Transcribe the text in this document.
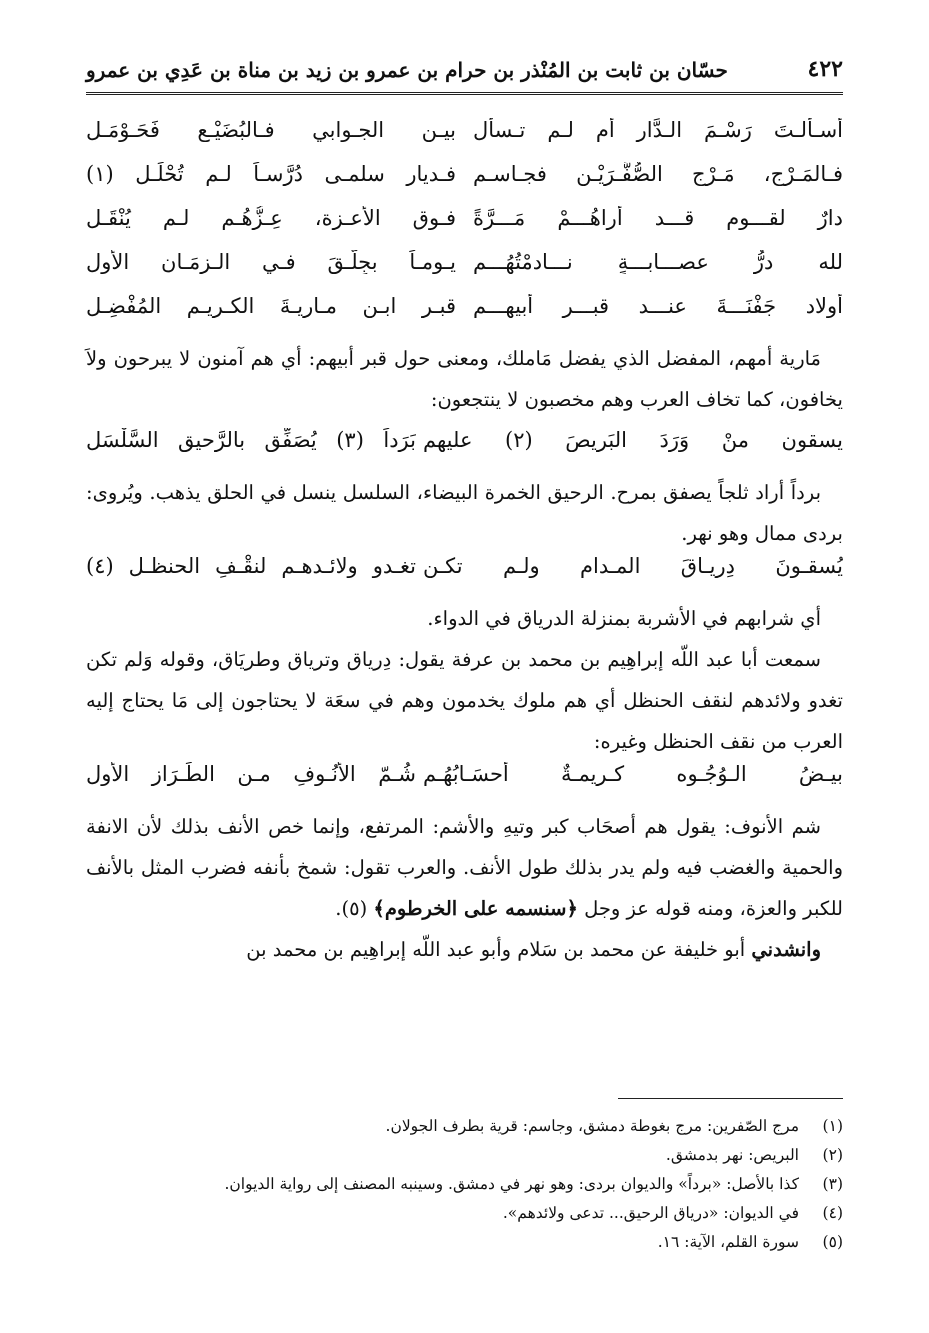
٤٢٢
حسّان بن ثابت بن المُنْذر بن حرام بن عمرو بن زيد بن مناة بن عَدِي بن عمرو
أسـألـتَ رَسْـمَ الـدَّارِ أم لـم تـسأل
بيـن الجـوابي فـالبُضَيْـع فَحَـوْمَـلِ
فـالمَـرْجِ، مَـرْجِ الصُّفَّـرَيْـن فجـاسـم
فـديار سلمـى دُرَّسـاً لـم تُحْلَـلِ (١)
دارٌ لقـــوم قـــد أراهُـــمْ مَـــرَّةً
فـوق الأعـزة، عِـزُّهُـم لـم يُنْقَـلِ
لله درُّ عصـــابـــةٍ نـــادمْتُهُـــم
يـومـاً بجِلَّـقَ فـي الـزمَـان الأولِ
أولاد جَفْنَـــةَ عنـــد قبـــرِ أبيهِـــم
قبـرِ ابـنِ مـاريـةَ الكـريـمِ المُفْضِـلِ

مَارية أمهم، المفضل الذي يفضل مَاملك، ومعنى حول قبر أبيهم: أي هم آمنون لا يبرحون ولاَ يخافون، كما تخاف العرب وهم مخصبون لا ينتجعون:

يسقون منْ وَرَدَ البَريصَ (٢) عليهمِ
بَرَداً (٣) يُصَفِّق بالرَّحيقِ السَّلْسَلِ

برداً أراد ثلجاً يصفق بمرح. الرحيق الخمرة البيضاء، السلسل ينسل في الحلق يذهب. ويُروى: بردى ممال وهو نهر.

يُسقـونَ دِريـاقَ المـدام ولـم تكـن
تغـدو ولائـدهـم لنقْـفِ الحنظـلِ (٤)

أي شرابهم في الأشربة بمنزلة الدرياق في الدواء.

سمعت أبا عبد اللّه إبراهِيم بن محمد بن عرفة يقول: دِرياق وترياق وطريَاق، وقوله وَلم تكن تغدو ولائدهم لنقف الحنظل أي هم ملوك يخدمون وهم في سعَة لا يحتاجون إلى مَا يحتاج إليه العرب من نقف الحنظل وغيره:

بيـضُ الـوُجُـوه كـريمـةٌ أحسَـابُهُـم
شُـمّ الأُنُـوفِ مـن الطِّـرَازِ الأول

شم الأنوف: يقول هم أصحَاب كبر وتيهِ والأشم: المرتفع، وإنما خص الأنف بذلك لأن الانفة والحمية والغضب فيه ولم يدر بذلك طول الأنف. والعرب تقول: شمخ بأنفه فضرب المثل بالأنف للكبر والعزة، ومنه قوله عز وجل ﴿سنسمه على الخرطوم﴾ (٥).

وانشدني أبو خليفة عن محمد بن سَلام وأبو عبد اللّه إبراهِيم بن محمد بن

(١)
مرج الصّفرين: مرج بغوطة دمشق، وجاسم: قرية بطرف الجولان.
(٢)
البريص: نهر بدمشق.
(٣)
كذا بالأصل: «برداً» والديوان بردى: وهو نهر في دمشق. وسينبه المصنف إلى رواية الديوان.
(٤)
في الديوان: «درياق الرحيق... تدعى ولائدهم».
(٥)
سورة القلم، الآية: ١٦.
